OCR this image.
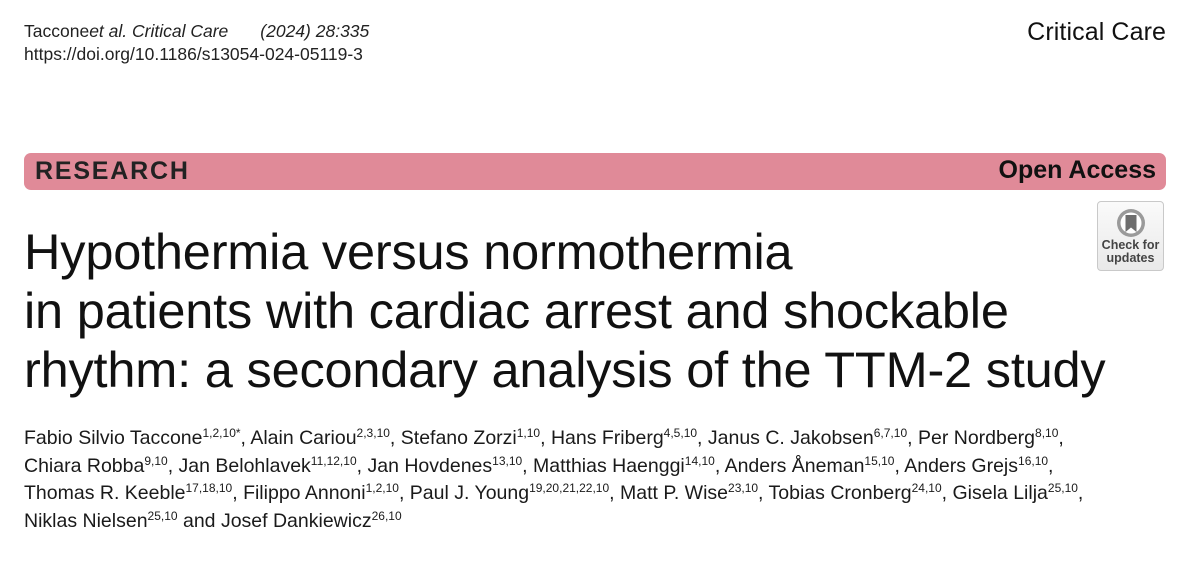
Taccone et al.
Critical Care (2024) 28:335
https://doi.org/10.1186/s13054-024-05119-3
Critical Care
RESEARCH	Open Access
Check for
updates
Hypothermia versus normothermia
in patients with cardiac arrest and shockable
rhythm: a secondary analysis of the TTM-2 study
Fabio Silvio Taccone$^{1,2,10*}$, Alain Cariou$^{2,3,10}$, Stefano Zorzi$^{1,10}$, Hans Friberg$^{4,5,10}$, Janus C. Jakobsen$^{6,7,10}$, Per Nordberg$^{8,10}$, Chiara Robba$^{9,10}$, Jan Belohlavek$^{11,12,10}$, Jan Hovdenes$^{13,10}$, Matthias Haenggi$^{14,10}$, Anders Åneman$^{15,10}$, Anders Grejs$^{16,10}$, Thomas R. Keeble$^{17,18,10}$, Filippo Annoni$^{1,2,10}$, Paul J. Young$^{19,20,21,22,10}$, Matt P. Wise$^{23,10}$, Tobias Cronberg$^{24,10}$, Gisela Lilja$^{25,10}$, Niklas Nielsen$^{25,10}$ and Josef Dankiewicz$^{26,10}$
